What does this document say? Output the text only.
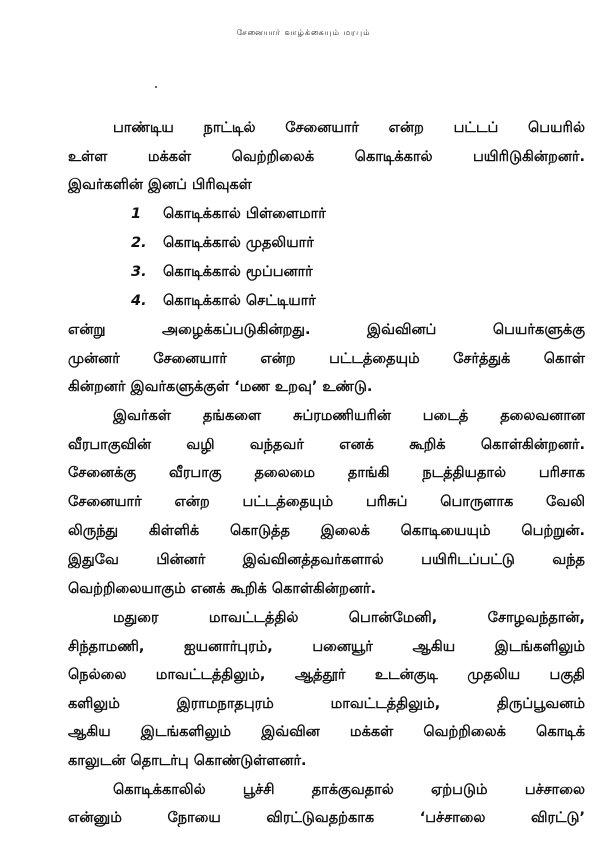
சேனையார் வாழ்க்கையும் மரபும்
பாண்டிய நாட்டில் சேனையார் என்ற பட்டப் பெயரில்
உள்ள மக்கள் வெற்றிலைக் கொடிக்கால் பயிரிடுகின்றனர்.
இவர்களின் இனப் பிரிவுகள்
1 கொடிக்கால் பிள்ளைமார்
2. கொடிக்கால் முதலியார்
3. கொடிக்கால் மூப்பனார்
4. கொடிக்கால் செட்டியார்
என்று அழைக்கப்படுகின்றது. இவ்வினப் பெயர்களுக்கு
முன்னர் சேனையார் என்ற பட்டத்தையும் சேர்த்துக் கொள்
கின்றனர் இவர்களுக்குள் ‘மண உறவு’ உண்டு.
இவர்கள் தங்களை சுப்ரமணியரின் படைத் தலைவனான
வீரபாகுவின் வழி வந்தவர் எனக் கூறிக் கொள்கின்றனர்.
சேனைக்கு வீரபாகு தலைமை தாங்கி நடத்தியதால் பரிசாக
சேனையார் என்ற பட்டத்தையும் பரிசுப் பொருளாக வேலி
லிருந்து கிள்ளிக் கொடுத்த இலைக் கொடியையும் பெற்றுன்.
இதுவே பின்னர் இவ்வினத்தவர்களால் பயிரிடப்பட்டு வந்த
வெற்றிலையாகும் எனக் கூறிக் கொள்கின்றனர்.
மதுரை மாவட்டத்தில் பொன்மேனி, சோழவந்தான்,
சிந்தாமணி, ஐயனார்புரம், பனையூர் ஆகிய இடங்களிலும்
நெல்லை மாவட்டத்திலும், ஆத்தூர் உடன்குடி முதலிய பகுதி
களிலும் இராமநாதபுரம் மாவட்டத்திலும், திருப்பூவனம்
ஆகிய இடங்களிலும் இவ்வின மக்கள் வெற்றிலைக் கொடிக்
காலுடன் தொடர்பு கொண்டுள்ளனர்.
கொடிக்காலில் பூச்சி தாக்குவதால் ஏற்படும் பச்சாலை
என்னும் நோயை விரட்டுவதற்காக ‘பச்சாலை விரட்டு’
